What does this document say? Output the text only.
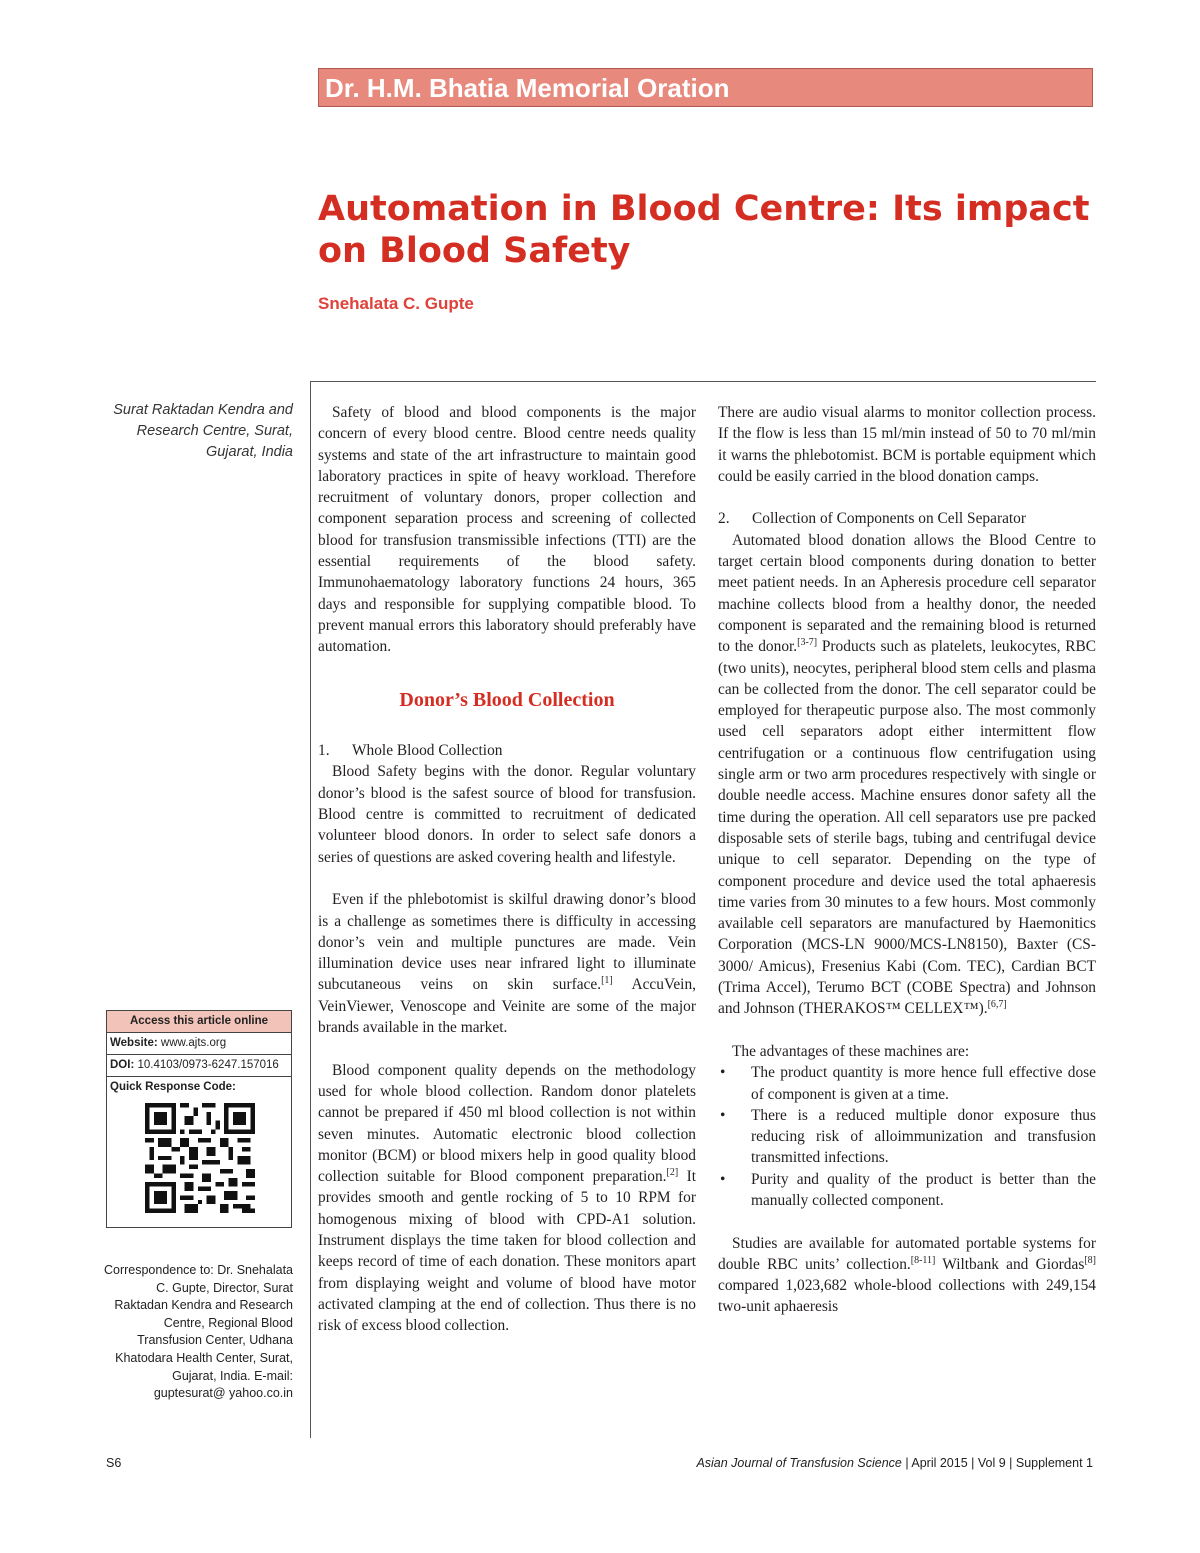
Dr. H.M. Bhatia Memorial Oration
Automation in Blood Centre: Its impact on Blood Safety
Snehalata C. Gupte
Surat Raktadan Kendra and Research Centre, Surat, Gujarat, India
Access this article online
Website: www.ajts.org
DOI: 10.4103/0973-6247.157016
Quick Response Code:
Correspondence to: Dr. Snehalata C. Gupte, Director, Surat Raktadan Kendra and Research Centre, Regional Blood Transfusion Center, Udhana Khatodara Health Center, Surat, Gujarat, India. E-mail: guptesurat@ yahoo.co.in

Safety of blood and blood components is the major concern of every blood centre. Blood centre needs quality systems and state of the art infrastructure to maintain good laboratory practices in spite of heavy workload. Therefore recruitment of voluntary donors, proper collection and component separation process and screening of collected blood for transfusion transmissible infections (TTI) are the essential requirements of the blood safety. Immunohaematology laboratory functions 24 hours, 365 days and responsible for supplying compatible blood. To prevent manual errors this laboratory should preferably have automation.

Donor’s Blood Collection
1.	Whole Blood Collection

Blood Safety begins with the donor. Regular voluntary donor’s blood is the safest source of blood for transfusion. Blood centre is committed to recruitment of dedicated volunteer blood donors. In order to select safe donors a series of questions are asked covering health and lifestyle.

Even if the phlebotomist is skilful drawing donor’s blood is a challenge as sometimes there is difficulty in accessing donor’s vein and multiple punctures are made. Vein illumination device uses near infrared light to illuminate subcutaneous veins on skin surface.[1] AccuVein, VeinViewer, Venoscope and Veinite are some of the major brands available in the market.

Blood component quality depends on the methodology used for whole blood collection. Random donor platelets cannot be prepared if 450 ml blood collection is not within seven minutes. Automatic electronic blood collection monitor (BCM) or blood mixers help in good quality blood collection suitable for Blood component preparation.[2] It provides smooth and gentle rocking of 5 to 10 RPM for homogenous mixing of blood with CPD-A1 solution. Instrument displays the time taken for blood collection and keeps record of time of each donation. These monitors apart from displaying weight and volume of blood have motor activated clamping at the end of collection. Thus there is no risk of excess blood collection.

There are audio visual alarms to monitor collection process. If the flow is less than 15 ml/min instead of 50 to 70 ml/min it warns the phlebotomist. BCM is portable equipment which could be easily carried in the blood donation camps.

2.	Collection of Components on Cell Separator

Automated blood donation allows the Blood Centre to target certain blood components during donation to better meet patient needs. In an Apheresis procedure cell separator machine collects blood from a healthy donor, the needed component is separated and the remaining blood is returned to the donor.[3-7] Products such as platelets, leukocytes, RBC (two units), neocytes, peripheral blood stem cells and plasma can be collected from the donor. The cell separator could be employed for therapeutic purpose also. The most commonly used cell separators adopt either intermittent flow centrifugation or a continuous flow centrifugation using single arm or two arm procedures respectively with single or double needle access. Machine ensures donor safety all the time during the operation. All cell separators use pre packed disposable sets of sterile bags, tubing and centrifugal device unique to cell separator. Depending on the type of component procedure and device used the total aphaeresis time varies from 30 minutes to a few hours. Most commonly available cell separators are manufactured by Haemonitics Corporation (MCS-LN 9000/MCS-LN8150), Baxter (CS-3000/ Amicus), Fresenius Kabi (Com. TEC), Cardian BCT (Trima Accel), Terumo BCT (COBE Spectra) and Johnson and Johnson (THERAKOS™ CELLEX™).[6,7]

The advantages of these machines are:

• The product quantity is more hence full effective dose of component is given at a time.
• There is a reduced multiple donor exposure thus reducing risk of alloimmunization and transfusion transmitted infections.
• Purity and quality of the product is better than the manually collected component.

Studies are available for automated portable systems for double RBC units’ collection.[8-11] Wiltbank and Giordas[8] compared 1,023,682 whole-blood collections with 249,154 two-unit aphaeresis

S6	Asian Journal of Transfusion Science | April 2015 | Vol 9 | Supplement 1
